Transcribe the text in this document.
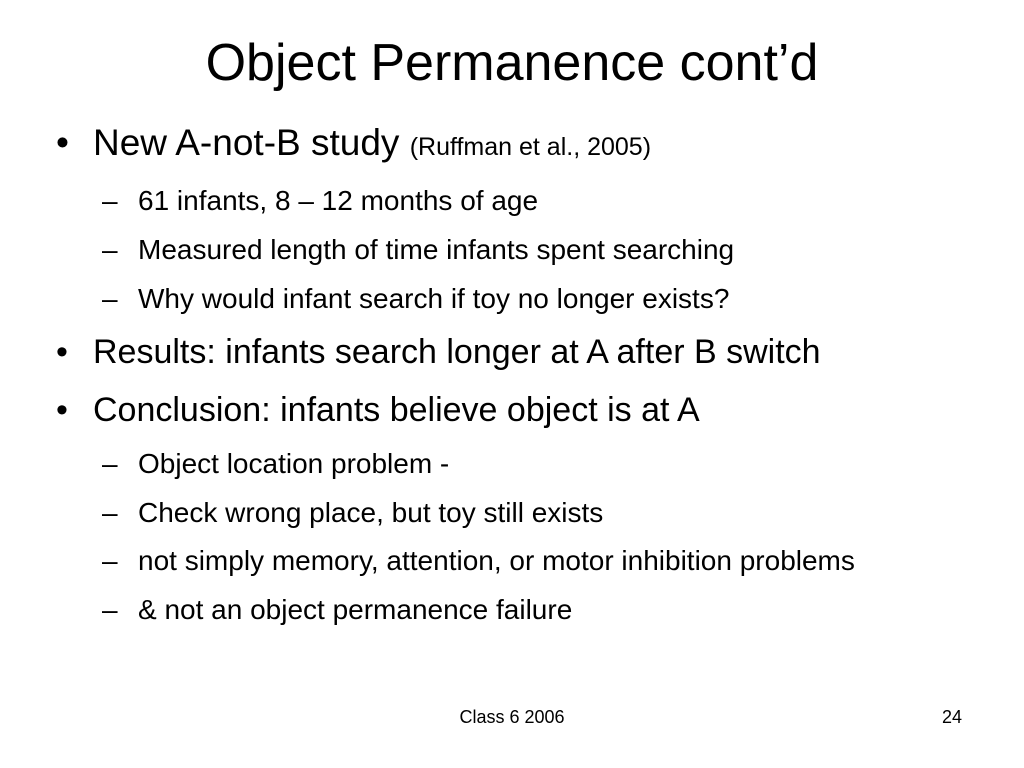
Object Permanence cont’d
• New A-not-B study (Ruffman et al., 2005)
– 61 infants, 8 – 12 months of age
– Measured length of time infants spent searching
– Why would infant search if toy no longer exists?
• Results: infants search longer at A after B switch
• Conclusion: infants believe object is at A
– Object location problem -
– Check wrong place, but toy still exists
– not simply memory, attention, or motor inhibition problems
– & not an object permanence failure
Class 6 2006	24
